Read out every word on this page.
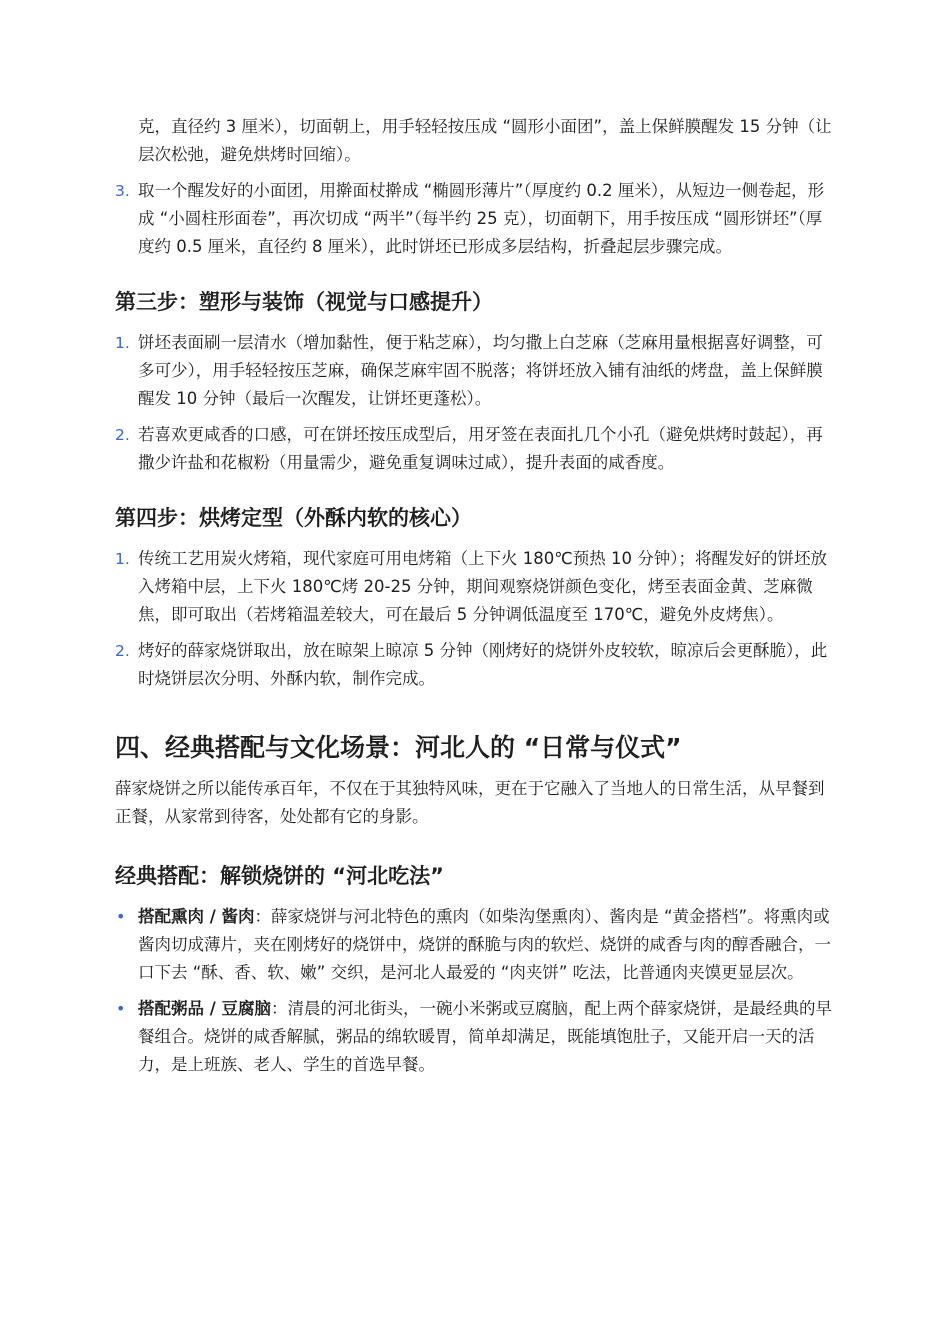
克，直径约 3 厘米），切面朝上，用手轻轻按压成 “圆形小面团”，盖上保鲜膜醒发 15 分钟（让层次松弛，避免烘烤时回缩）。
3. 取一个醒发好的小面团，用擀面杖擀成 “椭圆形薄片”（厚度约 0.2 厘米），从短边一侧卷起，形成 “小圆柱形面卷”，再次切成 “两半”（每半约 25 克），切面朝下，用手按压成 “圆形饼坯”（厚度约 0.5 厘米，直径约 8 厘米），此时饼坯已形成多层结构，折叠起层步骤完成。
第三步：塑形与装饰（视觉与口感提升）
1. 饼坯表面刷一层清水（增加黏性，便于粘芝麻），均匀撒上白芝麻（芝麻用量根据喜好调整，可多可少），用手轻轻按压芝麻，确保芝麻牢固不脱落；将饼坯放入铺有油纸的烤盘，盖上保鲜膜醒发 10 分钟（最后一次醒发，让饼坯更蓬松）。
2. 若喜欢更咸香的口感，可在饼坯按压成型后，用牙签在表面扎几个小孔（避免烘烤时鼓起），再撒少许盐和花椒粉（用量需少，避免重复调味过咸），提升表面的咸香度。
第四步：烘烤定型（外酥内软的核心）
1. 传统工艺用炭火烤箱，现代家庭可用电烤箱（上下火 180℃预热 10 分钟）；将醒发好的饼坯放入烤箱中层，上下火 180℃烤 20-25 分钟，期间观察烧饼颜色变化，烤至表面金黄、芝麻微焦，即可取出（若烤箱温差较大，可在最后 5 分钟调低温度至 170℃，避免外皮烤焦）。
2. 烤好的薛家烧饼取出，放在晾架上晾凉 5 分钟（刚烤好的烧饼外皮较软，晾凉后会更酥脆），此时烧饼层次分明、外酥内软，制作完成。
四、经典搭配与文化场景：河北人的 “日常与仪式”

薛家烧饼之所以能传承百年，不仅在于其独特风味，更在于它融入了当地人的日常生活，从早餐到正餐，从家常到待客，处处都有它的身影。

经典搭配：解锁烧饼的 “河北吃法”
• 搭配熏肉 / 酱肉：薛家烧饼与河北特色的熏肉（如柴沟堡熏肉）、酱肉是 “黄金搭档”。将熏肉或酱肉切成薄片，夹在刚烤好的烧饼中，烧饼的酥脆与肉的软烂、烧饼的咸香与肉的醇香融合，一口下去 “酥、香、软、嫩” 交织，是河北人最爱的 “肉夹饼” 吃法，比普通肉夹馍更显层次。
• 搭配粥品 / 豆腐脑：清晨的河北街头，一碗小米粥或豆腐脑，配上两个薛家烧饼，是最经典的早餐组合。烧饼的咸香解腻，粥品的绵软暖胃，简单却满足，既能填饱肚子，又能开启一天的活力，是上班族、老人、学生的首选早餐。
